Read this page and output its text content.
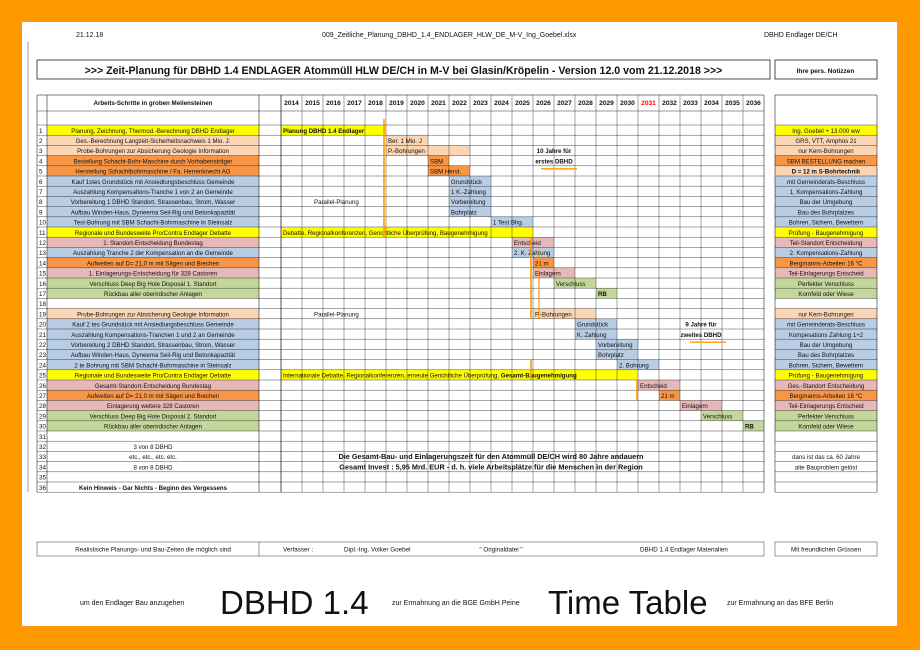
21.12.18	009_Zeitliche_Planung_DBHD_1.4_ENDLAGER_HLW_DE_M-V_Ing_Goebel.xlsx	DBHD Endlager DE/CH
>>> Zeit-Planung für DBHD 1.4 ENDLAGER Atommüll HLW DE/CH in M-V bei Glasin/Kröpelin - Version 12.0 vom 21.12.2018 >>>	Ihre pers. Notizzen
Arbeits-Schritte in groben Meilensteinen	2014 2015 2016 2017 2018 2019 2020 2021 2022 2023 2024 2025 2026 2027 2028 2029 2030 2031 2032 2033 2034 2035 2036
1	Planung, Zeichnung, Thermod.-Berechnung DBHD Endlager	Ing. Goebel + 13.000 ww
Planung DBHD 1.4 Endlager
2	Ges.-Berechnung Langzeit-Sicherheitsnachweis 1 Mio. J.	GRS, VTT, Amphos 21
Ber. 1 Mio. J
3	Probe-Bohrungen zur Absicherung Geologie Information	nur Kern-Bohrungen
P.-Bohrungen
4	Bestellung Schacht-Bohr-Maschine durch Vorhabensträger	SBM BESTELLUNG machen
SBM
5	Herstellung Schachtbohrmaschine / Fa. Herrenknecht AG	D = 12 m S-Bohrtechnik
SBM Herst.
6	Kauf 1stes Grundstück mit Ansiedlungsbeschluss Gemeinde	mit Gemeinderats-Beschluss
Grundstück
7	Auszahlung Kompensations-Tranche 1 von 2 an Gemeinde	1. Kompensations-Zahlung
1 K.-Zahlung
8	Vorbereitung 1 DBHD Standort, Strassenbau, Strom, Wasser	Bau der Umgebung
Vorbereitung
9	Aufbau Winden-Haus, Dyneema Seil-Rig und Betonkapazität	Bau des Bohrplatzes
Bohrplatz
10	Test-Bohrung mit SBM Schacht-Bohrmaschine in Steinsalz	Bohren, Sichern, Bewettern
1 Test Bhg.
11	Regionale und Bundesweite Pro/Contra Endlager Debatte	Prüfung - Baugenehmigung
Debatte, Regionalkonferenzen, Gerichtliche Überprüfung, Baugenehmigung
12	1. Standort-Entscheidung Bundestag	Teil-Standort Entscheidung
Entscheid
13	Auszahlung Tranche 2 der Kompensation an die Gemeinde	2. Kompensations-Zahlung
2. K. Zahlung
14	Aufweiten auf D= 21,0 m mit Sägen und Brechen	Bergmanns-Arbeiten 16 °C
21 m
15	1. Einlagerungs-Entscheidung für 328 Castoren	Teil-Einlagerungs Entscheid
Einlagern
16	Verschluss Deep Big Hole Disposal 1. Standort	Perfekter Verschluss
Verschluss
17	Rückbau aller oberirdischer Anlagen	Kornfeld oder Wiese
RB
18
19	Probe-Bohrungen zur Absicherung Geologie Information	nur Kern-Bohrungen
P.-Bohrungen
20	Kauf 2 tes Grundstück mit Ansiedlungsbeschluss Gemeinde	mit Gemeinderats-Beschluss
Grundstück
21	Auszahlung Kompensations-Tranchen 1 und 2 an Gemeinde	Kompesations Zahlung 1+2
K. Zahlung
22	Vorbereitung 2 DBHD Standort, Strassenbau, Strom, Wasser	Bau der Umgebung
Vorbereitung
23	Aufbau Winden-Haus, Dyneema Seil-Rig und Betonkapazität	Bau des Bohrplatzes
Bohrplatz
24	2 te Bohrung mit SBM Schacht-Bohrmaschine in Steinsalz	Bohren, Sichern, Bewettern
2. Bohrung
25	Regionale und Bundesweite Pro/Contra Endlager Debatte	Prüfung - Baugenehmigung
Internationale Debatte, Regionalkonferenzen, erneute Gerichtliche Überprüfung, Gesamt-Baugenehmigung
26	Gesamt-Standort-Entscheidung Bundestag	Ges.-Standort Entscheidung
Entscheid
27	Aufweiten auf D= 21,0 m mit Sägen und Brechen	Bergmanns-Arbeiten 16 °C
21 m
28	Einlagerung weitere 328 Castoren	Teil-Einlagerungs Entscheid
Einlagern
29	Verschluss Deep Big Hole Disposal 2. Standort	Perfekter Verschluss
Verschluss
30	Rückbau aller oberirdischer Anlagen	Kornfeld oder Wiese
RB
31
32	3 von 8 DBHD
33	etc., etc., etc. etc.	dans ist das ca. 60 Jahre
Die Gesamt-Bau- und Einlagerungszeit für den Atommüll DE/CH wird 80 Jahre andauern
34	8 von 8 DBHD	alte Bauproblem gelöst
Gesamt Invest : 5,95 Mrd. EUR - d. h. viele Arbeitsplätze für die Menschen in der Region
35
36	Kein Hinweis - Gar Nichts - Beginn des Vergessens
Parallel-Planung
Parallel-Planung
10 Jahre für
erstes DBHD
9 Jahre für
zweites DBHD
Realistische Planungs- und Bau-Zeiten die möglich sind	Verfasser :	Dipl.-Ing. Volker Goebel	" Originaldatei "	DBHD 1.4 Endlager Materialien	Mit freundlichen Grüssen
um den Endlager Bau anzugehen DBHD 1.4	zur Ermahnung an die BGE GmbH Peine Time Table	zur Ermahnung an das BFE Berlin
